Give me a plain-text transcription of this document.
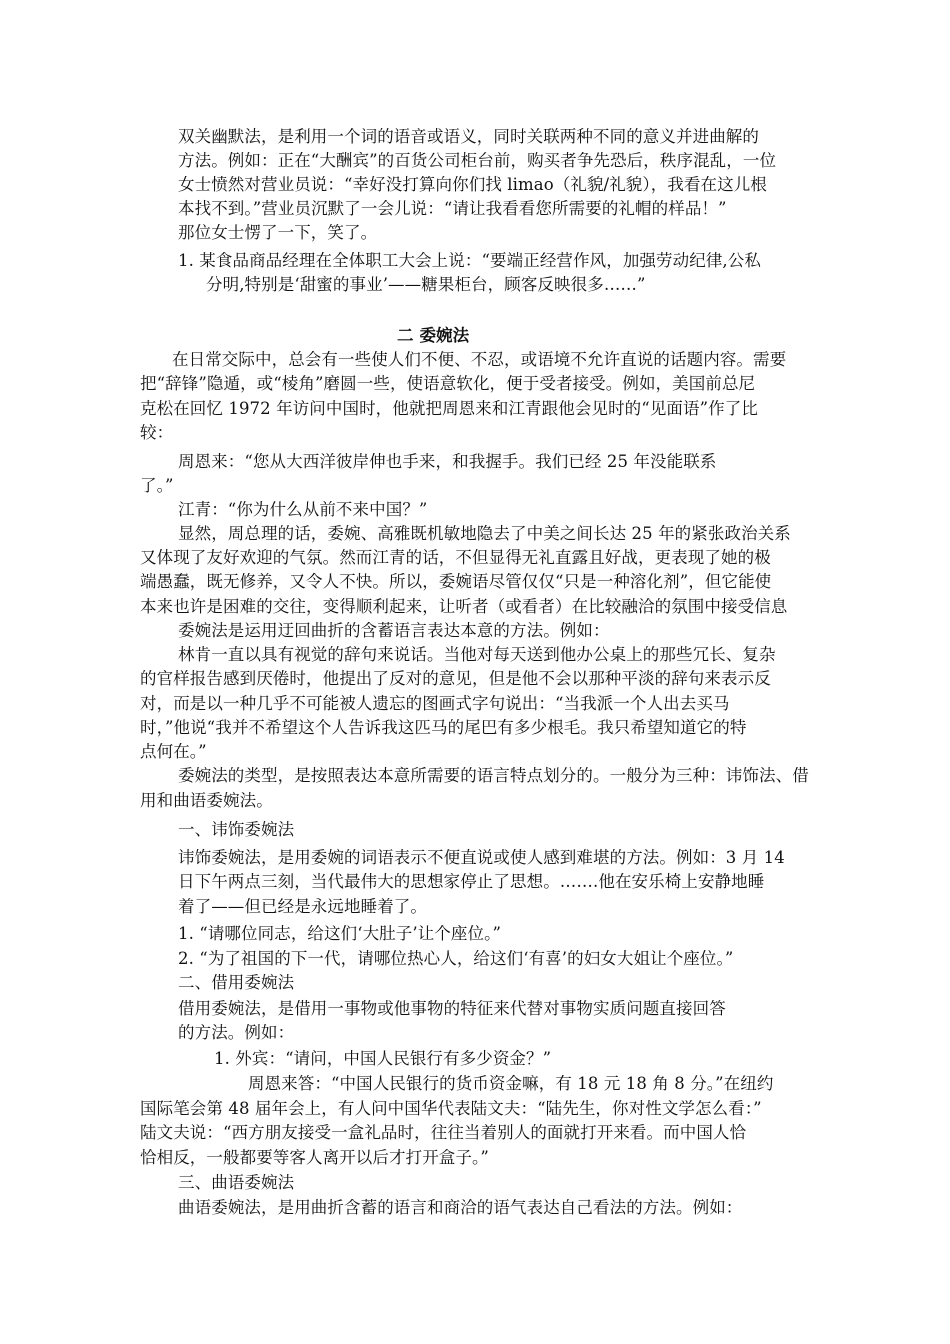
双关幽默法，是利用一个词的语音或语义，同时关联两种不同的意义并进曲解的
方法。例如：正在“大酬宾”的百货公司柜台前，购买者争先恐后，秩序混乱，一位
女士愤然对营业员说：“幸好没打算向你们找 limao（礼貌/礼貌），我看在这儿根
本找不到。”营业员沉默了一会儿说：“请让我看看您所需要的礼帽的样品！”
那位女士愣了一下，笑了。
1. 某食品商品经理在全体职工大会上说：“要端正经营作风，加强劳动纪律,公私
分明,特别是‘甜蜜的事业’——糖果柜台，顾客反映很多……”
二 委婉法
在日常交际中，总会有一些使人们不便、不忍，或语境不允许直说的话题内容。需要
把“辞锋”隐遁，或“棱角”磨圆一些，使语意软化，便于受者接受。例如，美国前总尼
克松在回忆 1972 年访问中国时，他就把周恩来和江青跟他会见时的“见面语”作了比
较：
周恩来：“您从大西洋彼岸伸也手来，和我握手。我们已经 25 年没能联系
了。”
江青：“你为什么从前不来中国？”
显然，周总理的话，委婉、高雅既机敏地隐去了中美之间长达 25 年的紧张政治关系
又体现了友好欢迎的气氛。然而江青的话，不但显得无礼直露且好战，更表现了她的极
端愚蠢，既无修养，又令人不快。所以，委婉语尽管仅仅“只是一种溶化剂”，但它能使
本来也许是困难的交往，变得顺利起来，让听者（或看者）在比较融洽的氛围中接受信息
委婉法是运用迂回曲折的含蓄语言表达本意的方法。例如：
林肯一直以具有视觉的辞句来说话。当他对每天送到他办公桌上的那些冗长、复杂
的官样报告感到厌倦时，他提出了反对的意见，但是他不会以那种平淡的辞句来表示反
对，而是以一种几乎不可能被人遗忘的图画式字句说出：“当我派一个人出去买马
时，”他说“我并不希望这个人告诉我这匹马的尾巴有多少根毛。我只希望知道它的特
点何在。”
委婉法的类型，是按照表达本意所需要的语言特点划分的。一般分为三种：讳饰法、借
用和曲语委婉法。
一、讳饰委婉法
讳饰委婉法，是用委婉的词语表示不便直说或使人感到难堪的方法。例如：3 月 14
日下午两点三刻，当代最伟大的思想家停止了思想。…….他在安乐椅上安静地睡
着了——但已经是永远地睡着了。
1. “请哪位同志，给这们‘大肚子’让个座位。”
2. “为了祖国的下一代，请哪位热心人，给这们‘有喜’的妇女大姐让个座位。”
二、借用委婉法
借用委婉法，是借用一事物或他事物的特征来代替对事物实质问题直接回答
的方法。例如：
1. 外宾：“请问，中国人民银行有多少资金？”
周恩来答：“中国人民银行的货币资金嘛，有 18 元 18 角 8 分。”在纽约
国际笔会第 48 届年会上，有人问中国华代表陆文夫：“陆先生，你对性文学怎么看：”
陆文夫说：“西方朋友接受一盒礼品时，往往当着别人的面就打开来看。而中国人恰
恰相反，一般都要等客人离开以后才打开盒子。”
三、曲语委婉法
曲语委婉法，是用曲折含蓄的语言和商洽的语气表达自己看法的方法。例如：
